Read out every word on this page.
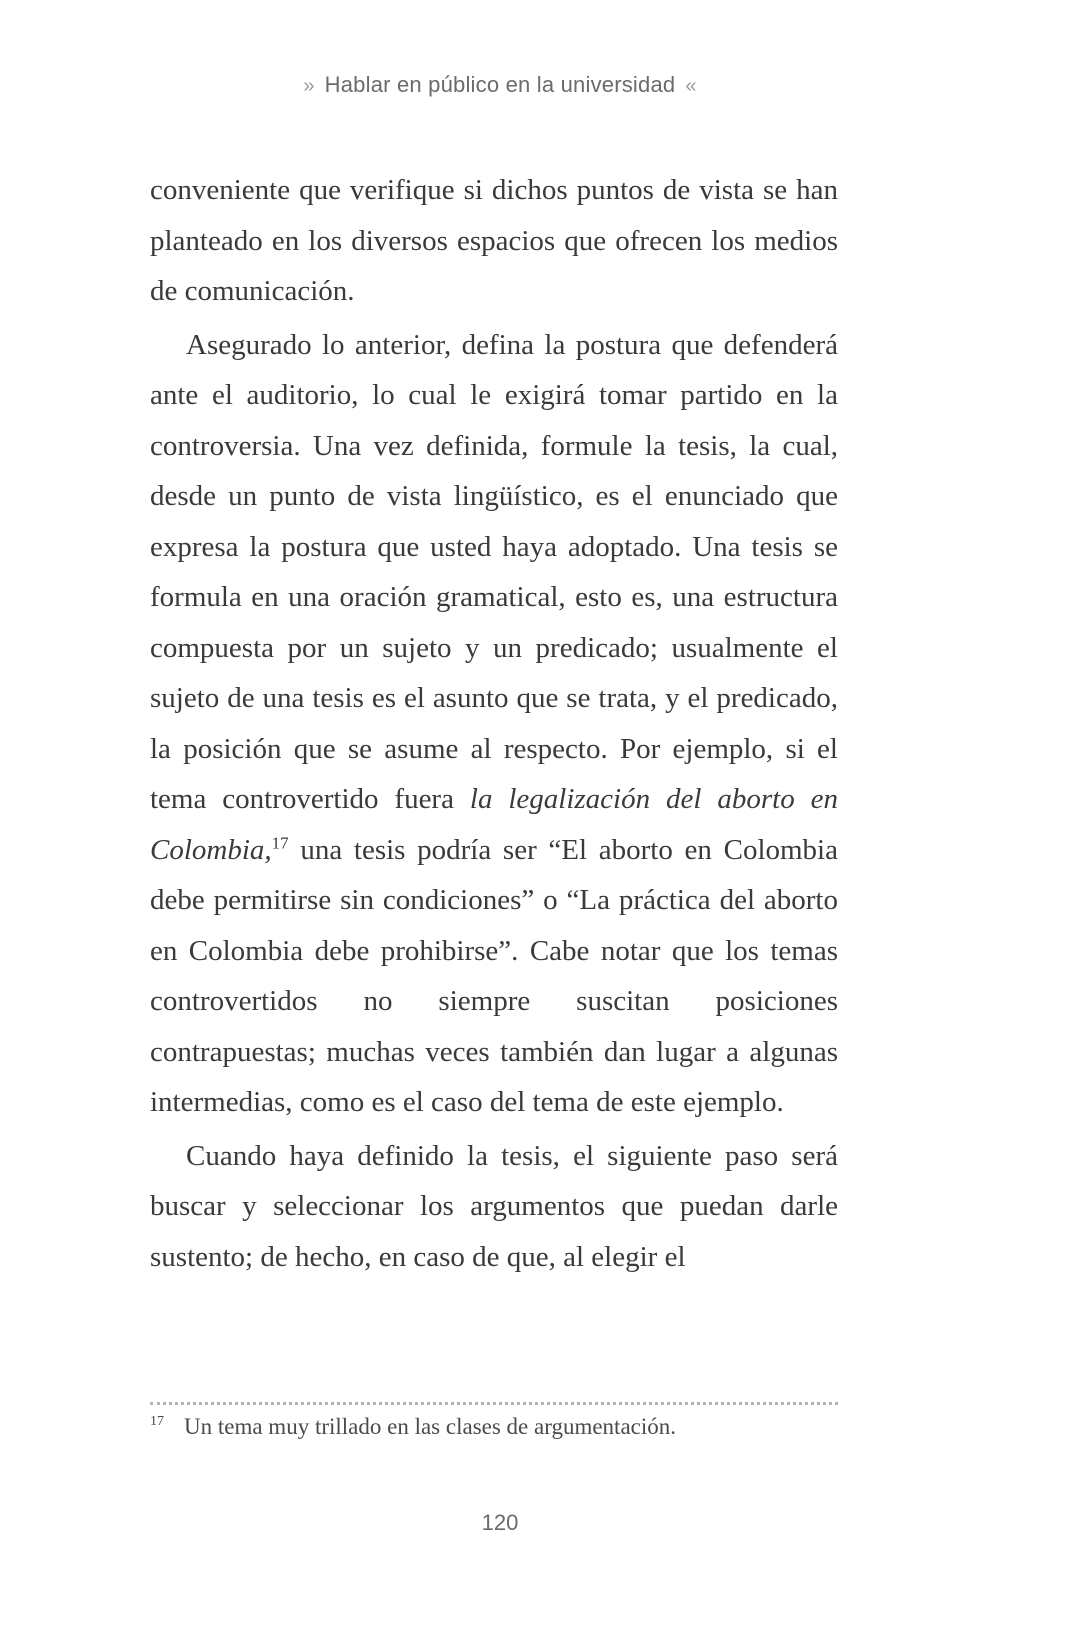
» Hablar en público en la universidad «

conveniente que verifique si dichos puntos de vista se han planteado en los diversos espacios que ofrecen los medios de comunicación.

Asegurado lo anterior, defina la postura que defenderá ante el auditorio, lo cual le exigirá tomar partido en la controversia. Una vez definida, formule la tesis, la cual, desde un punto de vista lingüístico, es el enunciado que expresa la postura que usted haya adoptado. Una tesis se formula en una oración gramatical, esto es, una estructura compuesta por un sujeto y un predicado; usualmente el sujeto de una tesis es el asunto que se trata, y el predicado, la posición que se asume al respecto. Por ejemplo, si el tema controvertido fuera la legalización del aborto en Colombia,$^{17}$ una tesis podría ser “El aborto en Colombia debe permitirse sin condiciones” o “La práctica del aborto en Colombia debe prohibirse”. Cabe notar que los temas controvertidos no siempre suscitan posiciones contrapuestas; muchas veces también dan lugar a algunas intermedias, como es el caso del tema de este ejemplo.

Cuando haya definido la tesis, el siguiente paso será buscar y seleccionar los argumentos que puedan darle sustento; de hecho, en caso de que, al elegir el

17 Un tema muy trillado en las clases de argumentación.
120
